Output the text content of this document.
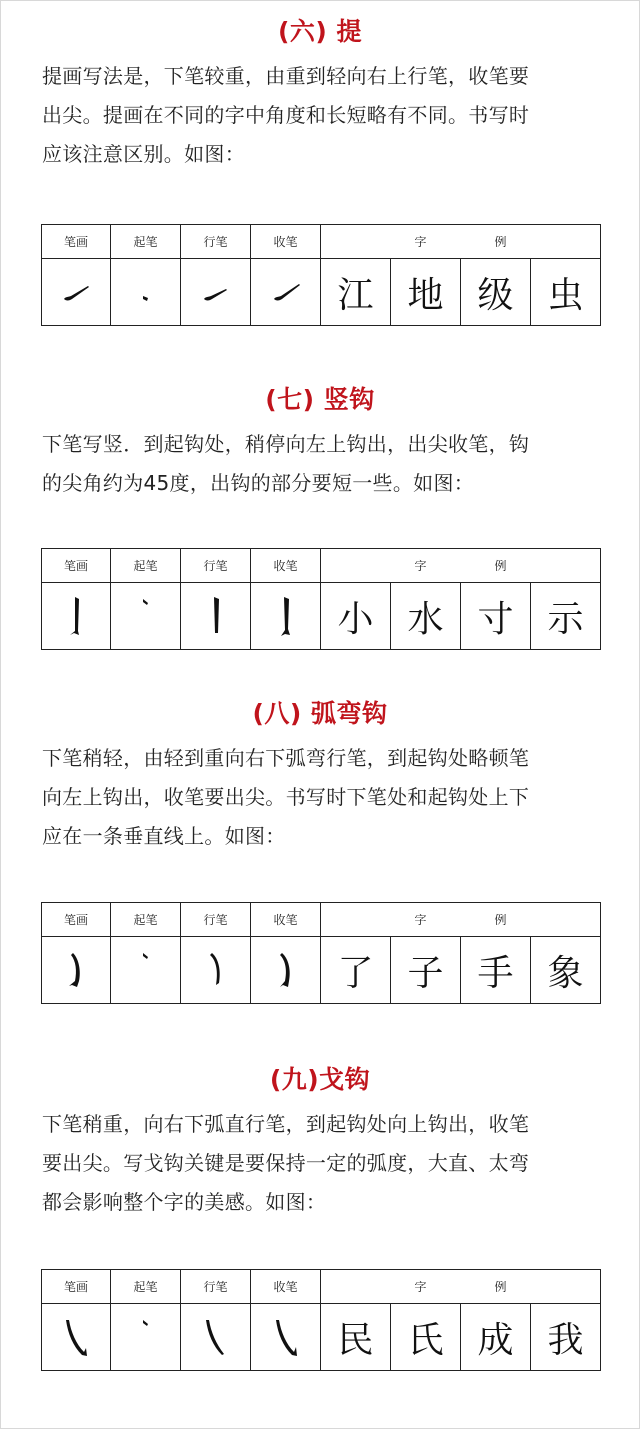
(六) 提
提画写法是，下笔较重，由重到轻向右上行笔，收笔要
出尖。提画在不同的字中角度和长短略有不同。书写时
应该注意区别。如图：
笔画	起笔	行笔	收笔	字 例			

	江	地	级	虫
(七) 竖钩
下笔写竖．到起钩处，稍停向左上钩出，出尖收笔，钩
的尖角约为45度，出钩的部分要短一些。如图：
笔画	起笔	行笔	收笔	字 例			

	小	水	寸	示
(八) 弧弯钩
下笔稍轻，由轻到重向右下弧弯行笔，到起钩处略顿笔
向左上钩出，收笔要出尖。书写时下笔处和起钩处上下
应在一条垂直线上。如图：
笔画	起笔	行笔	收笔	字 例			

	了	子	手	象
(九)戈钩
下笔稍重，向右下弧直行笔，到起钩处向上钩出，收笔
要出尖。写戈钩关键是要保持一定的弧度，大直、太弯
都会影响整个字的美感。如图：
笔画	起笔	行笔	收笔	字 例			

	民	氏	成	我
